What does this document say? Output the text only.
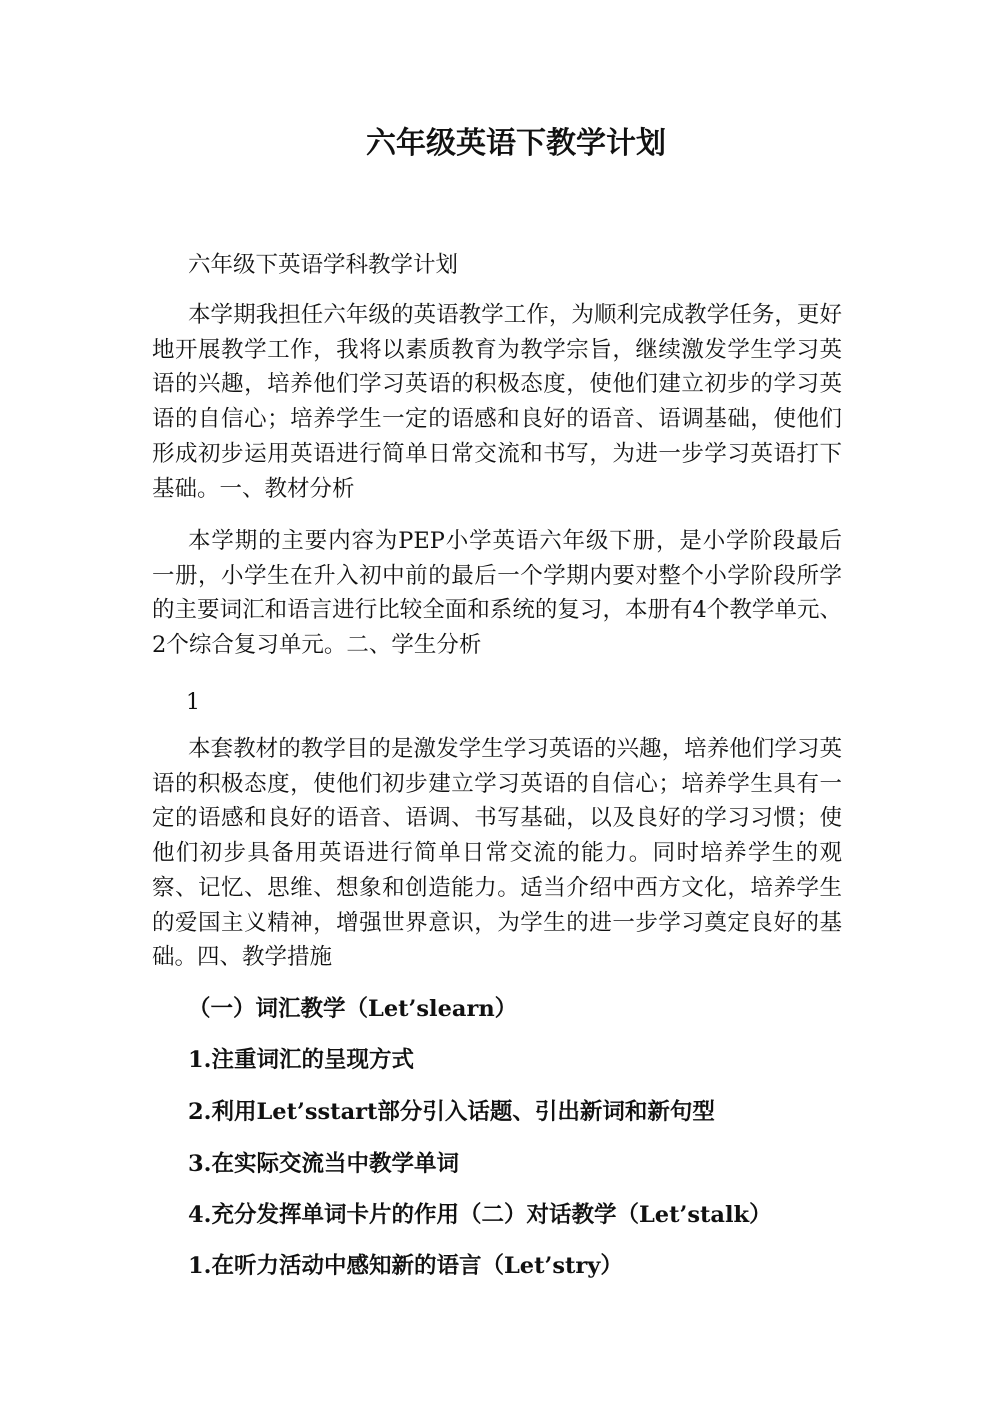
六年级英语下教学计划

六年级下英语学科教学计划

本学期我担任六年级的英语教学工作，为顺利完成教学任务，更好地开展教学工作，我将以素质教育为教学宗旨，继续激发学生学习英语的兴趣，培养他们学习英语的积极态度，使他们建立初步的学习英语的自信心；培养学生一定的语感和良好的语音、语调基础，使他们形成初步运用英语进行简单日常交流和书写，为进一步学习英语打下基础。一、教材分析

本学期的主要内容为PEP小学英语六年级下册，是小学阶段最后一册，小学生在升入初中前的最后一个学期内要对整个小学阶段所学的主要词汇和语言进行比较全面和系统的复习，本册有4个教学单元、2个综合复习单元。二、学生分析

1

本套教材的教学目的是激发学生学习英语的兴趣，培养他们学习英语的积极态度，使他们初步建立学习英语的自信心；培养学生具有一定的语感和良好的语音、语调、书写基础，以及良好的学习习惯；使他们初步具备用英语进行简单日常交流的能力。同时培养学生的观察、记忆、思维、想象和创造能力。适当介绍中西方文化，培养学生的爱国主义精神，增强世界意识，为学生的进一步学习奠定良好的基础。四、教学措施

（一）词汇教学（Let’slearn）

1.注重词汇的呈现方式

2.利用Let’sstart部分引入话题、引出新词和新句型

3.在实际交流当中教学单词

4.充分发挥单词卡片的作用（二）对话教学（Let’stalk）

1.在听力活动中感知新的语言（Let’stry）
